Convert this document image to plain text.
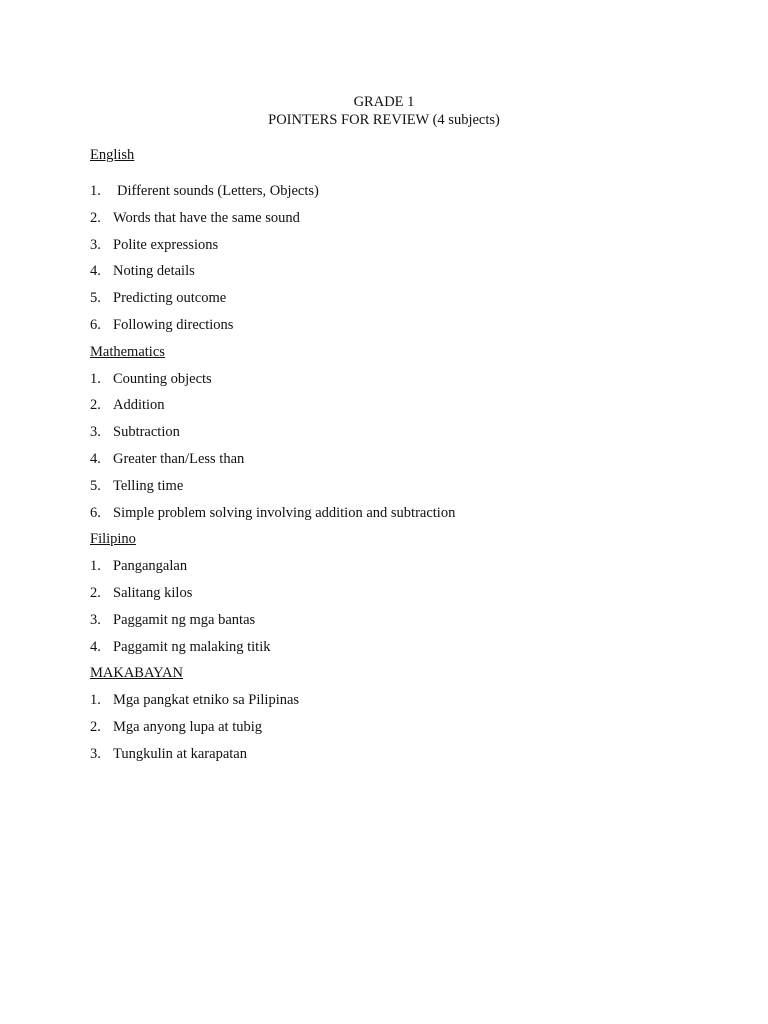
GRADE 1
POINTERS FOR REVIEW (4 subjects)
English
1. Different sounds (Letters, Objects)
2. Words that have the same sound
3. Polite expressions
4. Noting details
5. Predicting outcome
6. Following directions
Mathematics
1. Counting objects
2. Addition
3. Subtraction
4. Greater than/Less than
5. Telling time
6. Simple problem solving involving addition and subtraction
Filipino
1. Pangangalan
2. Salitang kilos
3. Paggamit ng mga bantas
4. Paggamit ng malaking titik
MAKABAYAN
1. Mga pangkat etniko sa Pilipinas
2. Mga anyong lupa at tubig
3. Tungkulin at karapatan
